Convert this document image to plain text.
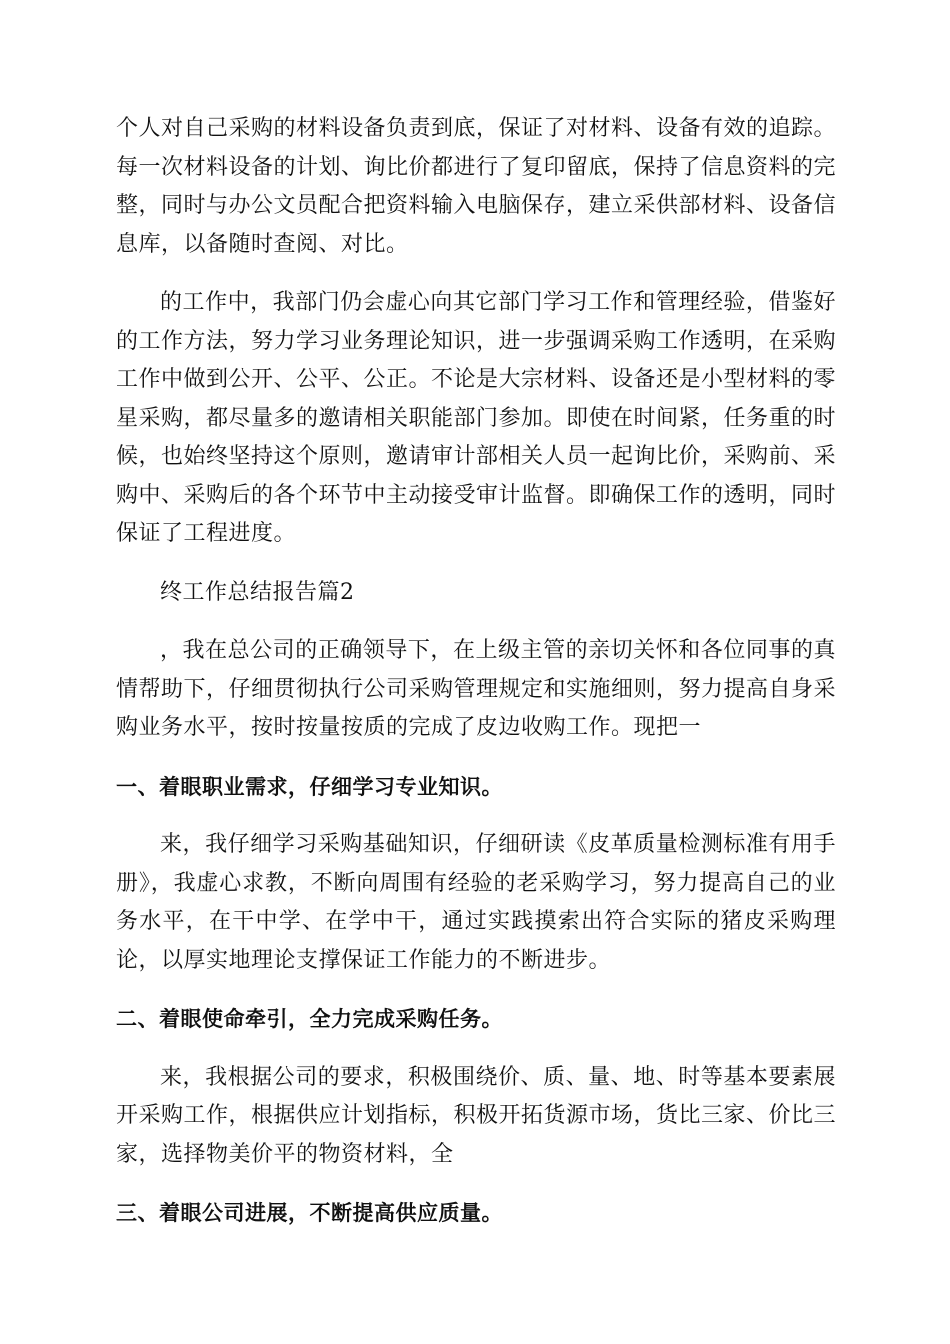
个人对自己采购的材料设备负责到底，保证了对材料、设备有效的追踪。每一次材料设备的计划、询比价都进行了复印留底，保持了信息资料的完整，同时与办公文员配合把资料输入电脑保存，建立采供部材料、设备信息库，以备随时查阅、对比。

的工作中，我部门仍会虚心向其它部门学习工作和管理经验，借鉴好的工作方法，努力学习业务理论知识，进一步强调采购工作透明，在采购工作中做到公开、公平、公正。不论是大宗材料、设备还是小型材料的零星采购，都尽量多的邀请相关职能部门参加。即使在时间紧，任务重的时候，也始终坚持这个原则，邀请审计部相关人员一起询比价，采购前、采购中、采购后的各个环节中主动接受审计监督。即确保工作的透明，同时保证了工程进度。

终工作总结报告篇2

，我在总公司的正确领导下，在上级主管的亲切关怀和各位同事的真情帮助下，仔细贯彻执行公司采购管理规定和实施细则，努力提高自身采购业务水平，按时按量按质的完成了皮边收购工作。现把一

一、着眼职业需求，仔细学习专业知识。

来，我仔细学习采购基础知识，仔细研读《皮革质量检测标准有用手册》，我虚心求教，不断向周围有经验的老采购学习，努力提高自己的业务水平，在干中学、在学中干，通过实践摸索出符合实际的猪皮采购理论，以厚实地理论支撑保证工作能力的不断进步。

二、着眼使命牵引，全力完成采购任务。

来，我根据公司的要求，积极围绕价、质、量、地、时等基本要素展开采购工作，根据供应计划指标，积极开拓货源市场，货比三家、价比三家，选择物美价平的物资材料，全

三、着眼公司进展，不断提高供应质量。
